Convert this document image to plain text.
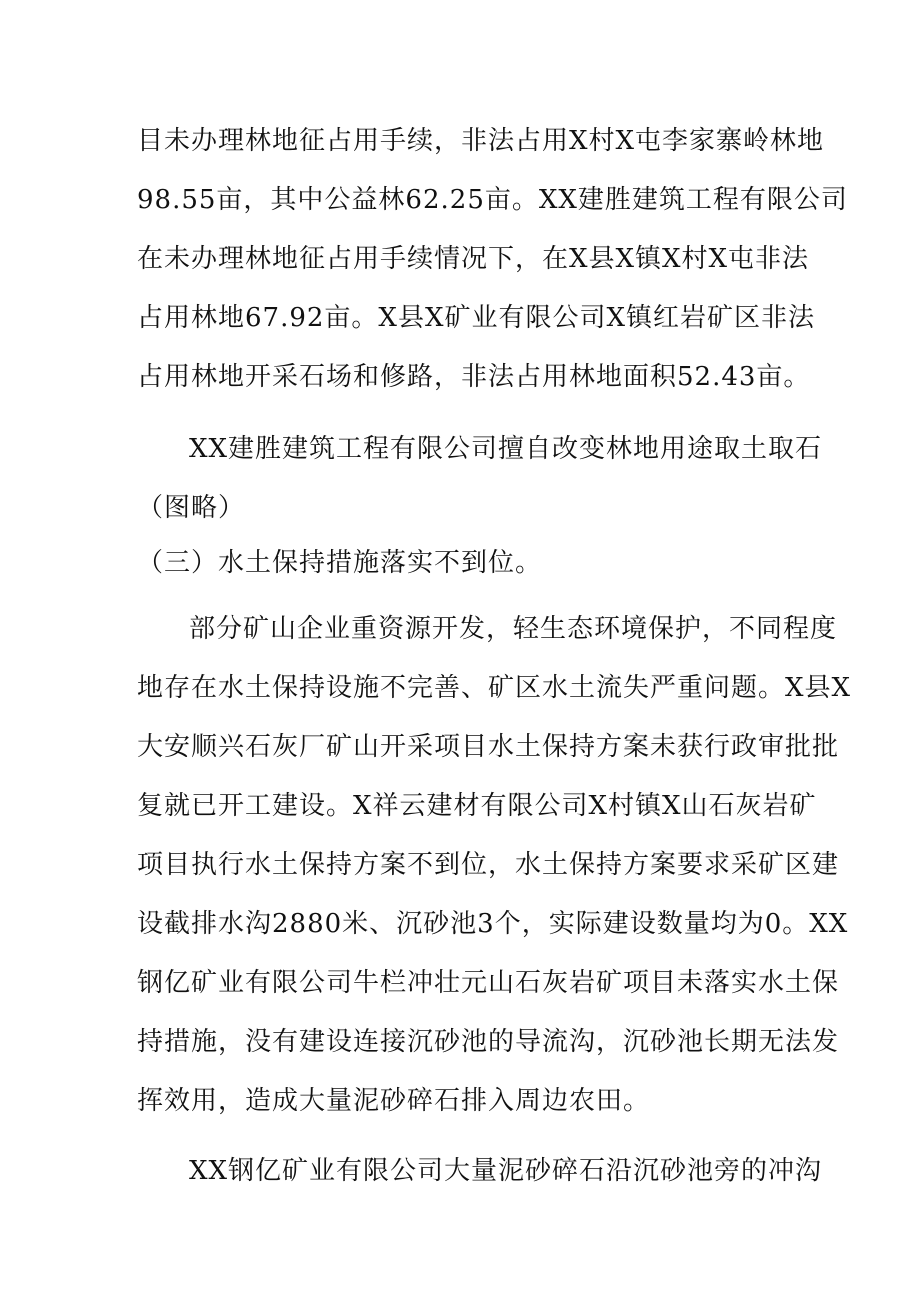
目未办理林地征占用手续，非法占用X村X屯李家寨岭林地

98.55亩，其中公益林62.25亩。XX建胜建筑工程有限公司

在未办理林地征占用手续情况下，在X县X镇X村X屯非法

占用林地67.92亩。X县X矿业有限公司X镇红岩矿区非法

占用林地开采石场和修路，非法占用林地面积52.43亩。

XX建胜建筑工程有限公司擅自改变林地用途取土取石

（图略）

（三）水土保持措施落实不到位。

部分矿山企业重资源开发，轻生态环境保护，不同程度

地存在水土保持设施不完善、矿区水土流失严重问题。X县X

大安顺兴石灰厂矿山开采项目水土保持方案未获行政审批批

复就已开工建设。X祥云建材有限公司X村镇X山石灰岩矿

项目执行水土保持方案不到位，水土保持方案要求采矿区建

设截排水沟2880米、沉砂池3个，实际建设数量均为0。XX

钢亿矿业有限公司牛栏冲壮元山石灰岩矿项目未落实水土保

持措施，没有建设连接沉砂池的导流沟，沉砂池长期无法发

挥效用，造成大量泥砂碎石排入周边农田。

XX钢亿矿业有限公司大量泥砂碎石沿沉砂池旁的冲沟
